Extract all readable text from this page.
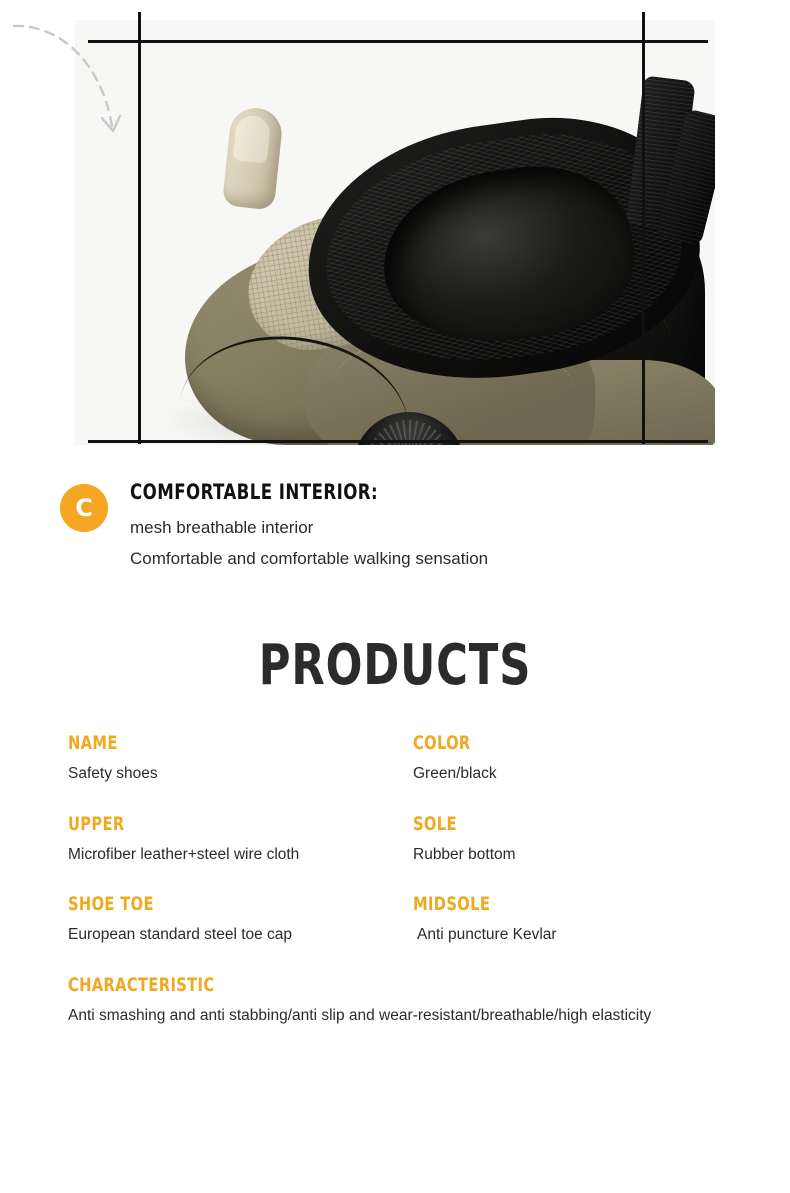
C
COMFORTABLE INTERIOR:
mesh breathable interior
Comfortable and comfortable walking sensation
PRODUCTS
NAME
Safety shoes
COLOR
Green/black
UPPER
Microfiber leather+steel wire cloth
SOLE
Rubber bottom
SHOE TOE
European standard steel toe cap
MIDSOLE
Anti puncture Kevlar
CHARACTERISTIC
Anti smashing and anti stabbing/anti slip and wear-resistant/breathable/high elasticity
